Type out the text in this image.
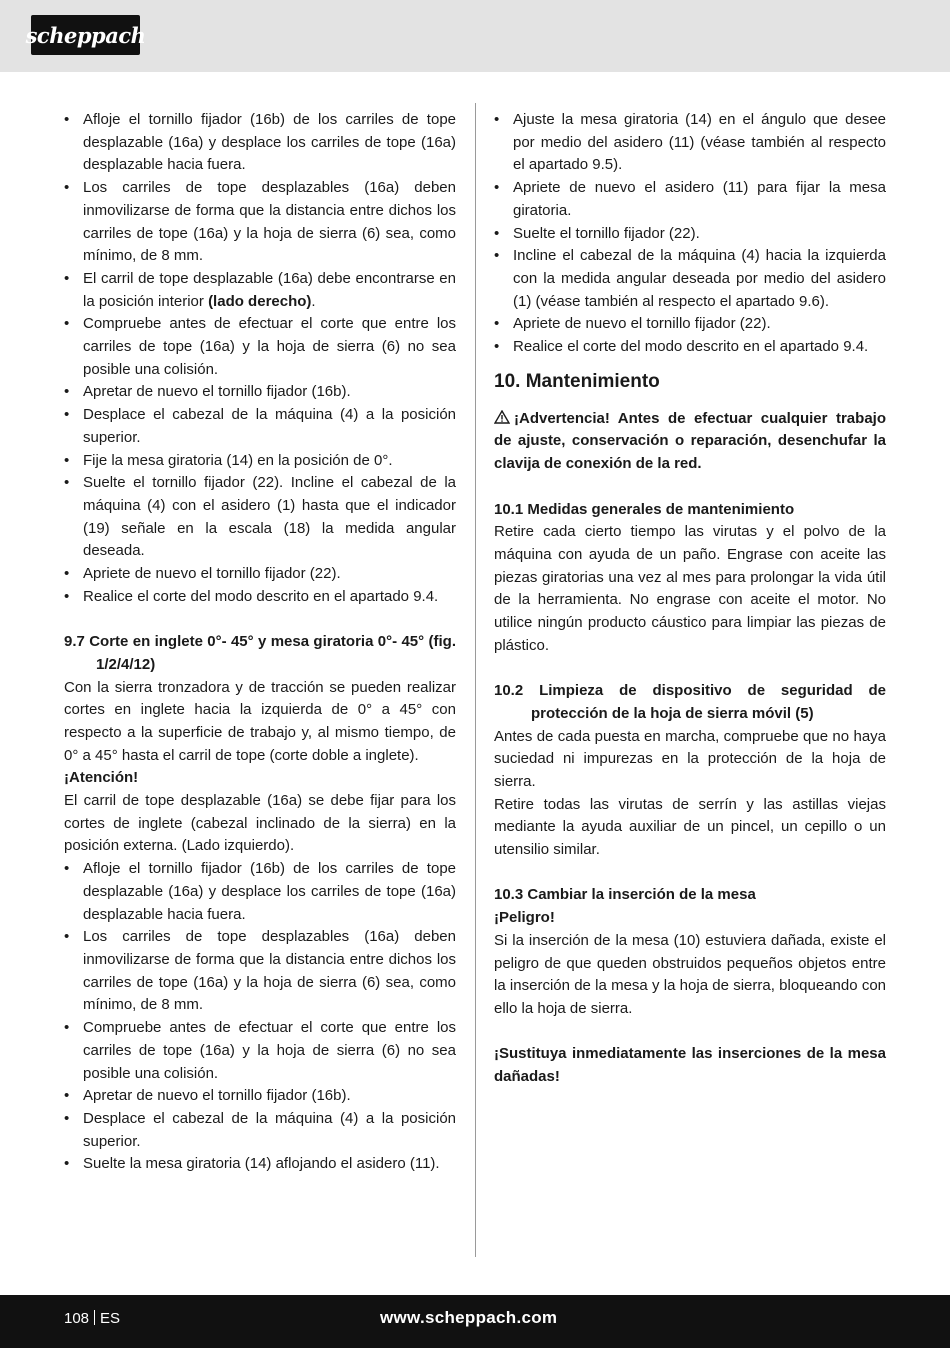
scheppach
• Afloje el tornillo fijador (16b) de los carriles de tope desplazable (16a) y desplace los carriles de tope (16a) desplazable hacia fuera.
• Los carriles de tope desplazables (16a) deben inmovilizarse de forma que la distancia entre dichos los carriles de tope (16a) y la hoja de sierra (6) sea, como mínimo, de 8 mm.
• El carril de tope desplazable (16a) debe encontrarse en la posición interior (lado derecho).
• Compruebe antes de efectuar el corte que entre los carriles de tope (16a) y la hoja de sierra (6) no sea posible una colisión.
• Apretar de nuevo el tornillo fijador (16b).
• Desplace el cabezal de la máquina (4) a la posición superior.
• Fije la mesa giratoria (14) en la posición de 0°.
• Suelte el tornillo fijador (22). Incline el cabezal de la máquina (4) con el asidero (1) hasta que el indicador (19) señale en la escala (18) la medida angular deseada.
• Apriete de nuevo el tornillo fijador (22).
• Realice el corte del modo descrito en el apartado 9.4.

9.7 Corte en inglete 0°- 45° y mesa giratoria 0°- 45° (fig. 1/2/4/12)

Con la sierra tronzadora y de tracción se pueden realizar cortes en inglete hacia la izquierda de 0° a 45° con respecto a la superficie de trabajo y, al mismo tiempo, de 0° a 45° hasta el carril de tope (corte doble a inglete).

¡Atención!

El carril de tope desplazable (16a) se debe fijar para los cortes de inglete (cabezal inclinado de la sierra) en la posición externa. (Lado izquierdo).

• Afloje el tornillo fijador (16b) de los carriles de tope desplazable (16a) y desplace los carriles de tope (16a) desplazable hacia fuera.
• Los carriles de tope desplazables (16a) deben inmovilizarse de forma que la distancia entre dichos los carriles de tope (16a) y la hoja de sierra (6) sea, como mínimo, de 8 mm.
• Compruebe antes de efectuar el corte que entre los carriles de tope (16a) y la hoja de sierra (6) no sea posible una colisión.
• Apretar de nuevo el tornillo fijador (16b).
• Desplace el cabezal de la máquina (4) a la posición superior.
• Suelte la mesa giratoria (14) aflojando el asidero (11).
• Ajuste la mesa giratoria (14) en el ángulo que desee por medio del asidero (11) (véase también al respecto el apartado 9.5).
• Apriete de nuevo el asidero (11) para fijar la mesa giratoria.
• Suelte el tornillo fijador (22).
• Incline el cabezal de la máquina (4) hacia la izquierda con la medida angular deseada por medio del asidero (1) (véase también al respecto el apartado 9.6).
• Apriete de nuevo el tornillo fijador (22).
• Realice el corte del modo descrito en el apartado 9.4.
10. Mantenimiento

¡Advertencia! Antes de efectuar cualquier trabajo de ajuste, conservación o reparación, desenchufar la clavija de conexión de la red.

10.1 Medidas generales de mantenimiento

Retire cada cierto tiempo las virutas y el polvo de la máquina con ayuda de un paño. Engrase con aceite las piezas giratorias una vez al mes para prolongar la vida útil de la herramienta. No engrase con aceite el motor. No utilice ningún producto cáustico para limpiar las piezas de plástico.

10.2 Limpieza de dispositivo de seguridad de protección de la hoja de sierra móvil (5)

Antes de cada puesta en marcha, compruebe que no haya suciedad ni impurezas en la protección de la hoja de sierra.

Retire todas las virutas de serrín y las astillas viejas mediante la ayuda auxiliar de un pincel, un cepillo o un utensilio similar.

10.3 Cambiar la inserción de la mesa

¡Peligro!

Si la inserción de la mesa (10) estuviera dañada, existe el peligro de que queden obstruidos pequeños objetos entre la inserción de la mesa y la hoja de sierra, bloqueando con ello la hoja de sierra.

¡Sustituya inmediatamente las inserciones de la mesa dañadas!

108 ES	www.scheppach.com
